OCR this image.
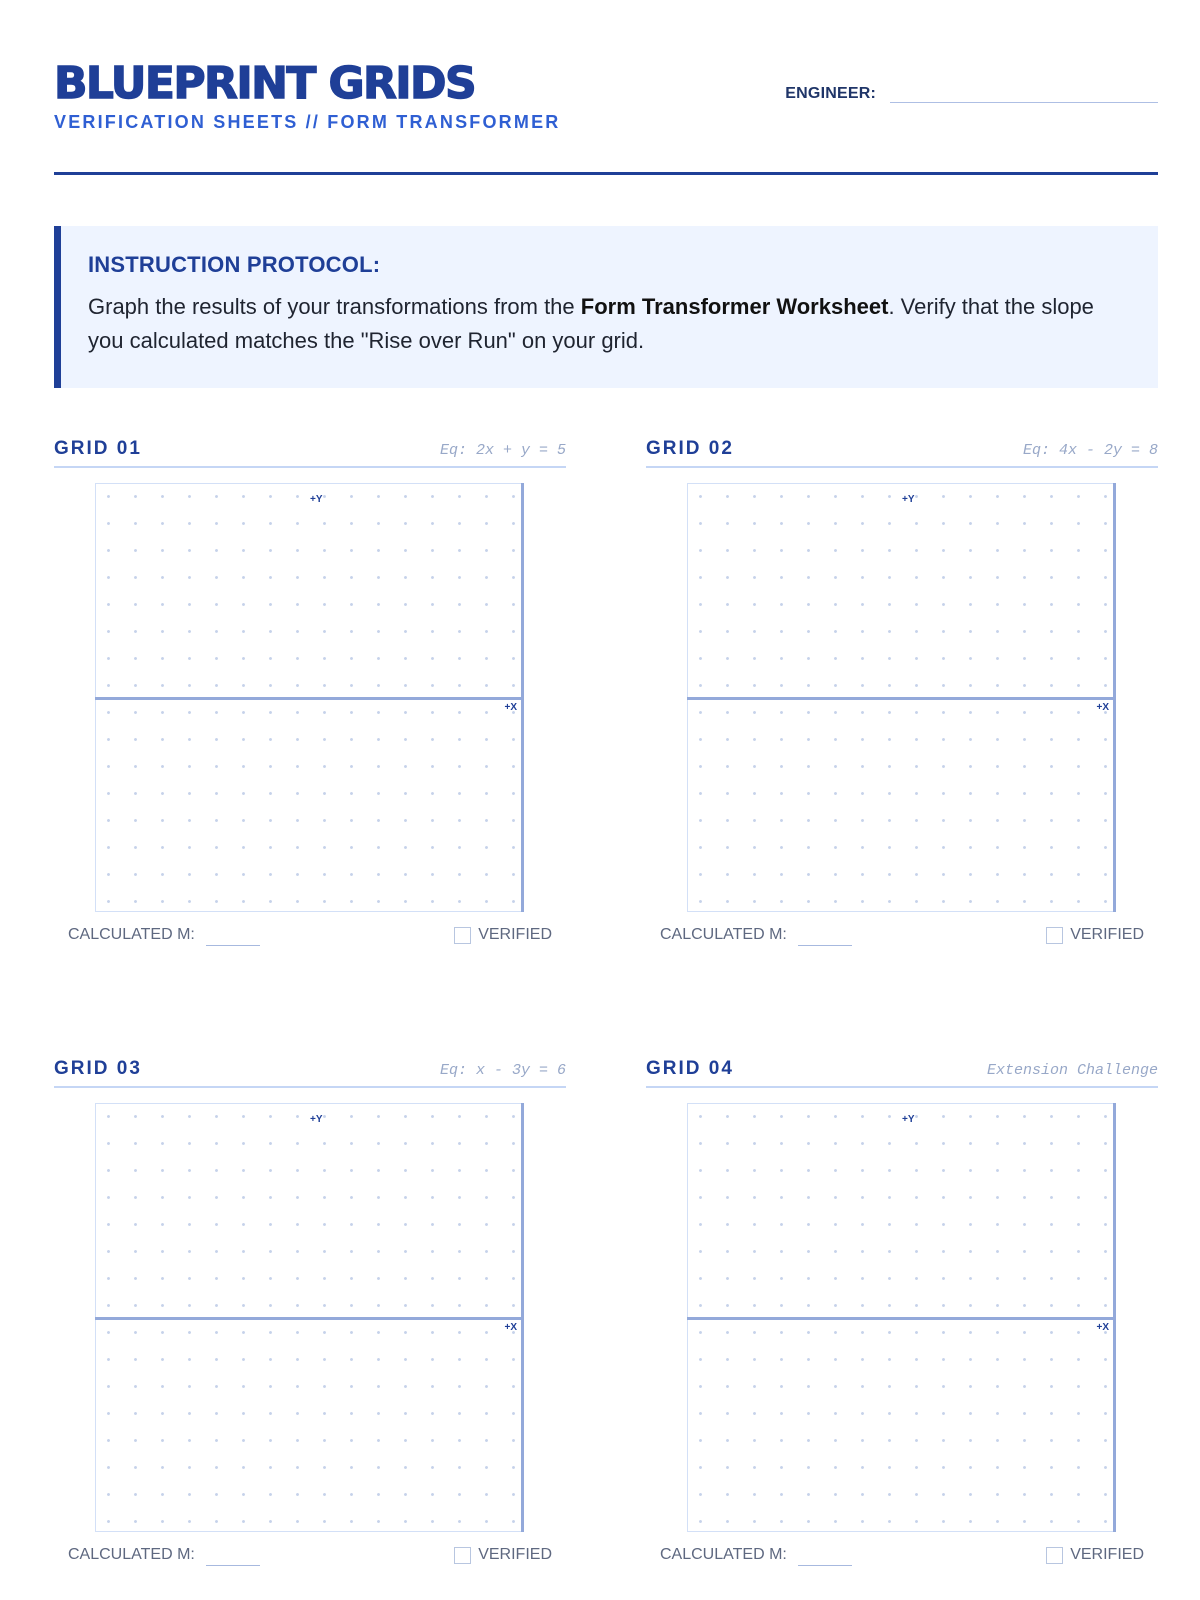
BLUEPRINT GRIDS
VERIFICATION SHEETS // FORM TRANSFORMER
ENGINEER:
INSTRUCTION PROTOCOL:
Graph the results of your transformations from the Form Transformer Worksheet. Verify that the slope you calculated matches the "Rise over Run" on your grid.
GRID 01	Eq: 2x + y = 5
+Y
+X
CALCULATED M:	VERIFIED
GRID 02	Eq: 4x - 2y = 8
+Y
+X
CALCULATED M:	VERIFIED
GRID 03	Eq: x - 3y = 6
+Y
+X
CALCULATED M:	VERIFIED
GRID 04	Extension Challenge
+Y
+X
CALCULATED M:	VERIFIED
